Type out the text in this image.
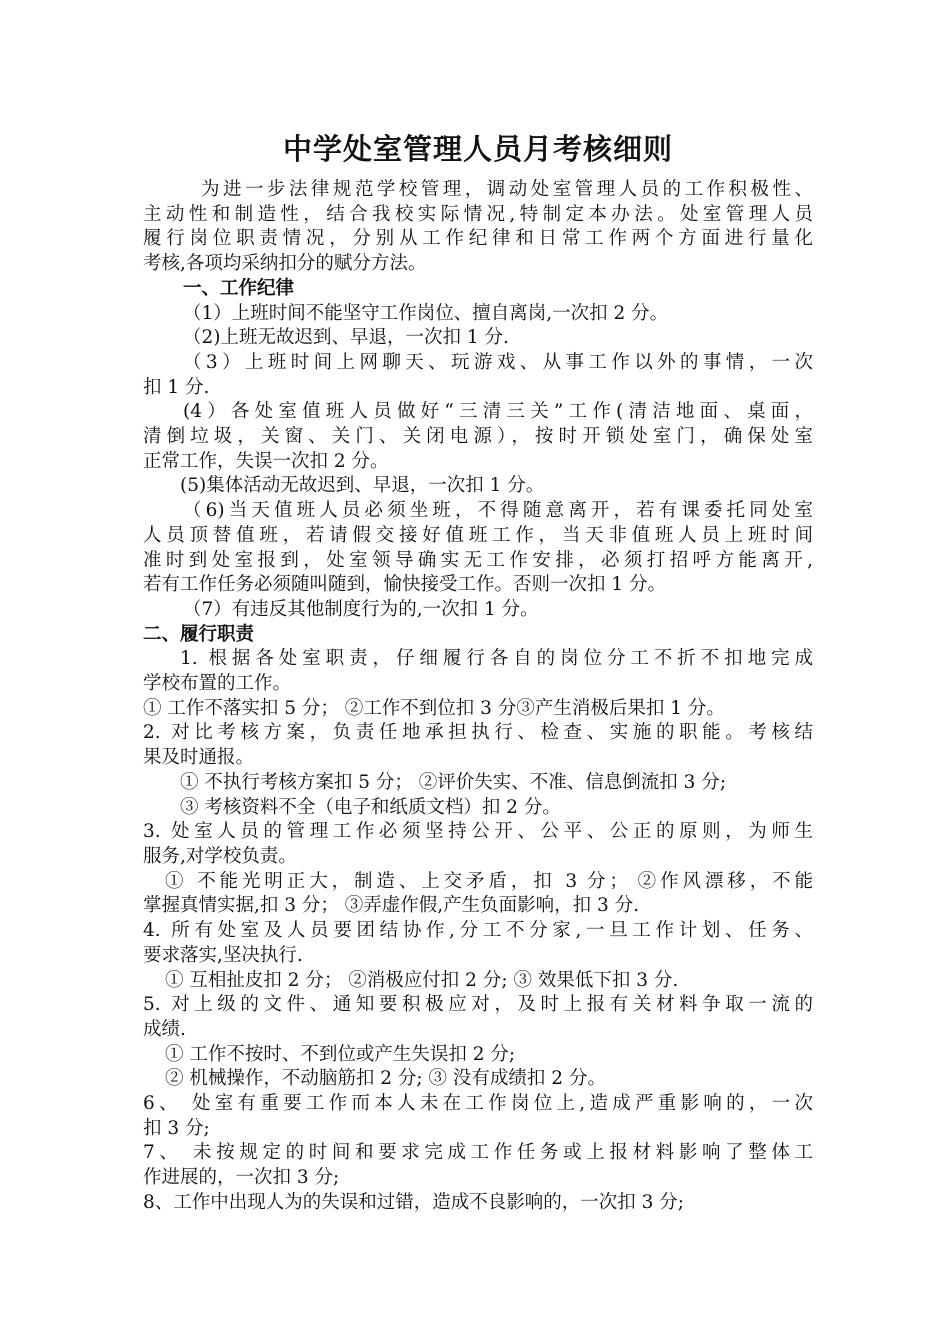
中学处室管理人员月考核细则

为进一步法律规范学校管理，调动处室管理人员的工作积极性、

主动性和制造性，结合我校实际情况,特制定本办法。处室管理人员

履行岗位职责情况，分别从工作纪律和日常工作两个方面进行量化

考核,各项均采纳扣分的赋分方法。

一、工作纪律

（1）上班时间不能坚守工作岗位、擅自离岗,一次扣 2 分。

（2)上班无故迟到、早退，一次扣 1 分.

（3）上班时间上网聊天、玩游戏、从事工作以外的事情，一次

扣 1 分.

(4）各处室值班人员做好“三清三关”工作(清洁地面、桌面，

清倒垃圾，关窗、关门、关闭电源），按时开锁处室门，确保处室

正常工作，失误一次扣 2 分。

(5)集体活动无故迟到、早退，一次扣 1 分。

（6)当天值班人员必须坐班，不得随意离开，若有课委托同处室

人员顶替值班，若请假交接好值班工作，当天非值班人员上班时间

准时到处室报到，处室领导确实无工作安排，必须打招呼方能离开,

若有工作任务必须随叫随到，愉快接受工作。否则一次扣 1 分。

（7）有违反其他制度行为的,一次扣 1 分。

二、履行职责

1. 根据各处室职责，仔细履行各自的岗位分工不折不扣地完成

学校布置的工作。

① 工作不落实扣 5 分； ②工作不到位扣 3 分③产生消极后果扣 1 分。

2. 对比考核方案，负责任地承担执行、检查、实施的职能。考核结

果及时通报。

① 不执行考核方案扣 5 分； ②评价失实、不准、信息倒流扣 3 分;

③ 考核资料不全（电子和纸质文档）扣 2 分。

3. 处室人员的管理工作必须坚持公开、公平、公正的原则，为师生

服务,对学校负责。

① 不能光明正大，制造、上交矛盾，扣 3 分； ②作风漂移，不能

掌握真情实据,扣 3 分； ③弄虚作假,产生负面影响，扣 3 分.

4. 所有处室及人员要团结协作,分工不分家,一旦工作计划、任务、

要求落实,坚决执行.

① 互相扯皮扣 2 分； ②消极应付扣 2 分; ③ 效果低下扣 3 分.

5. 对上级的文件、通知要积极应对，及时上报有关材料争取一流的

成绩.

① 工作不按时、不到位或产生失误扣 2 分;

② 机械操作，不动脑筋扣 2 分; ③ 没有成绩扣 2 分。

6、 处室有重要工作而本人未在工作岗位上,造成严重影响的，一次

扣 3 分;

7、 未按规定的时间和要求完成工作任务或上报材料影响了整体工

作进展的，一次扣 3 分;

8、工作中出现人为的失误和过错，造成不良影响的，一次扣 3 分;
